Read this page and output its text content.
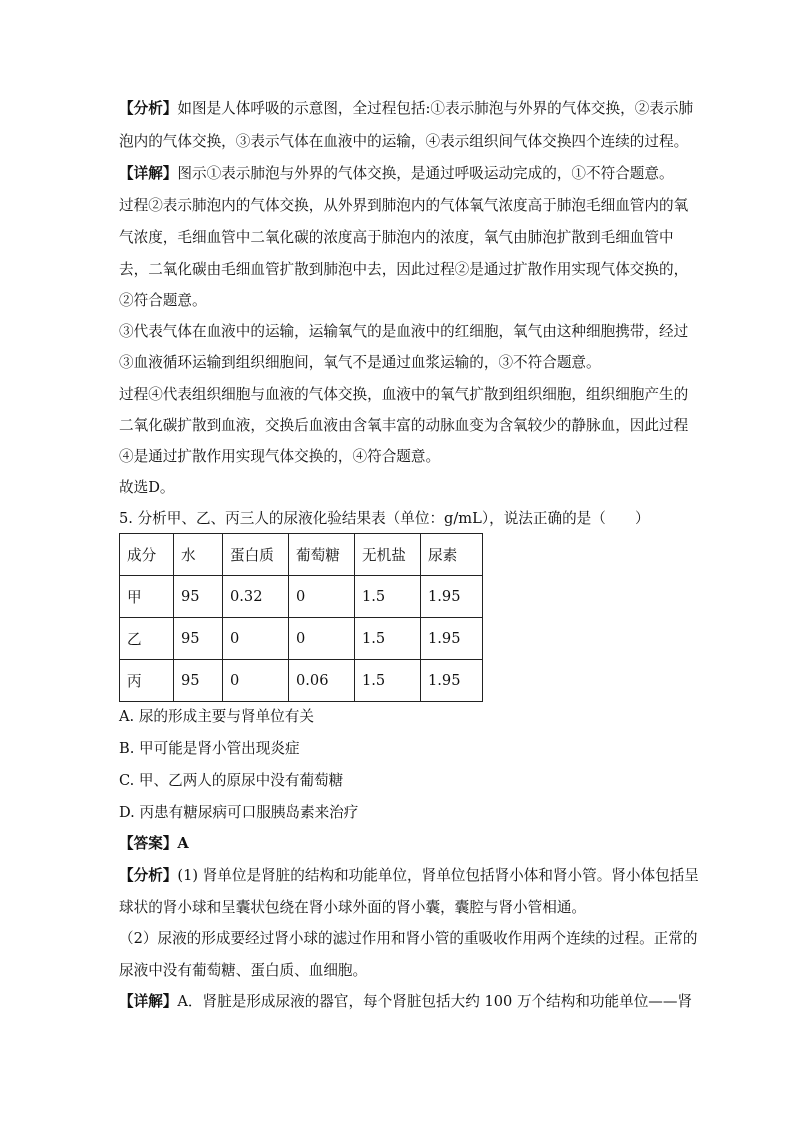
【分析】如图是人体呼吸的示意图，全过程包括:①表示肺泡与外界的气体交换，②表示肺
泡内的气体交换，③表示气体在血液中的运输，④表示组织间气体交换四个连续的过程。
【详解】图示①表示肺泡与外界的气体交换，是通过呼吸运动完成的，①不符合题意。
过程②表示肺泡内的气体交换，从外界到肺泡内的气体氧气浓度高于肺泡毛细血管内的氧
气浓度，毛细血管中二氧化碳的浓度高于肺泡内的浓度，氧气由肺泡扩散到毛细血管中
去，二氧化碳由毛细血管扩散到肺泡中去，因此过程②是通过扩散作用实现气体交换的，
②符合题意。
③代表气体在血液中的运输，运输氧气的是血液中的红细胞，氧气由这种细胞携带，经过
③血液循环运输到组织细胞间，氧气不是通过血浆运输的，③不符合题意。
过程④代表组织细胞与血液的气体交换，血液中的氧气扩散到组织细胞，组织细胞产生的
二氧化碳扩散到血液，交换后血液由含氧丰富的动脉血变为含氧较少的静脉血，因此过程
④是通过扩散作用实现气体交换的，④符合题意。
故选D。
5. 分析甲、乙、丙三人的尿液化验结果表（单位：g/mL），说法正确的是（　　）
成分	水	蛋白质	葡萄糖	无机盐	尿素
甲	95	0.32	0	1.5	1.95
乙	95	0	0	1.5	1.95
丙	95	0	0.06	1.5	1.95
A. 尿的形成主要与肾单位有关
B. 甲可能是肾小管出现炎症
C. 甲、乙两人的原尿中没有葡萄糖
D. 丙患有糖尿病可口服胰岛素来治疗
【答案】A
【分析】(1) 肾单位是肾脏的结构和功能单位，肾单位包括肾小体和肾小管。肾小体包括呈
球状的肾小球和呈囊状包绕在肾小球外面的肾小囊，囊腔与肾小管相通。
（2）尿液的形成要经过肾小球的滤过作用和肾小管的重吸收作用两个连续的过程。正常的
尿液中没有葡萄糖、蛋白质、血细胞。
【详解】A．肾脏是形成尿液的器官，每个肾脏包括大约 100 万个结构和功能单位——肾
